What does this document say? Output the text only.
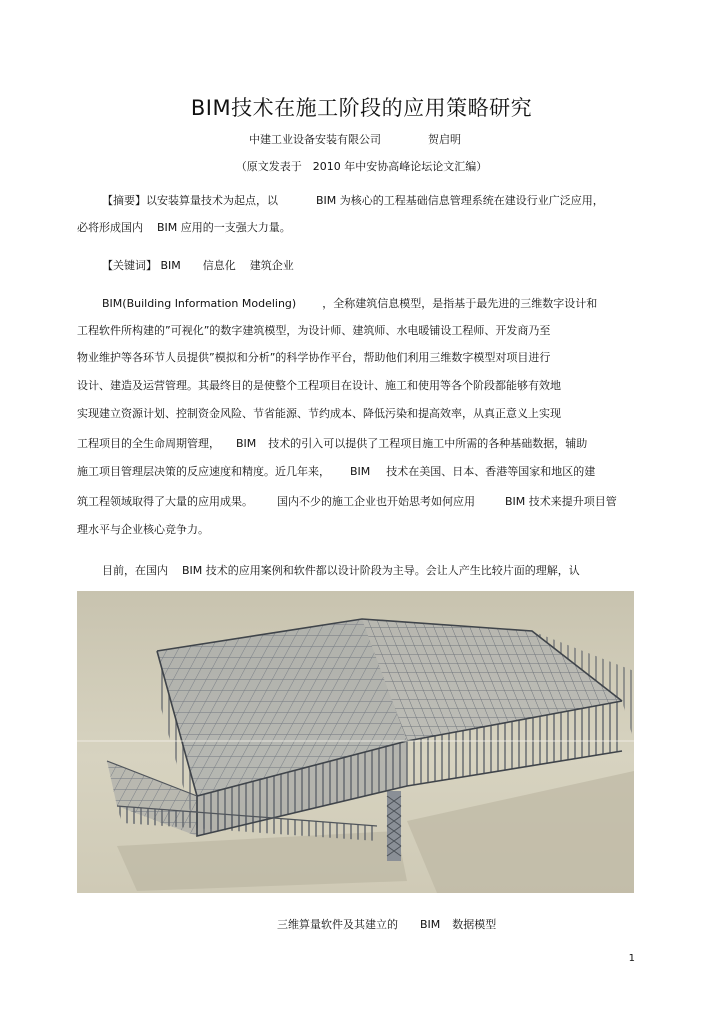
BIM技术在施工阶段的应用策略研究
中建工业设备安装有限公司	贺启明
（原文发表于　2010 年中安协高峰论坛论文汇编）
【摘要】以安装算量技术为起点，以	BIM 为核心的工程基础信息管理系统在建设行业广泛应用，
必将形成国内 BIM 应用的一支强大力量。
【关键词】 BIM 信息化 建筑企业
BIM(Building Information Modeling) ，全称建筑信息模型，是指基于最先进的三维数字设计和
工程软件所构建的”可视化”的数字建筑模型，为设计师、建筑师、水电暖铺设工程师、开发商乃至
物业维护等各环节人员提供”模拟和分析”的科学协作平台，帮助他们利用三维数字模型对项目进行
设计、建造及运营管理。其最终目的是使整个工程项目在设计、施工和使用等各个阶段都能够有效地
实现建立资源计划、控制资金风险、节省能源、节约成本、降低污染和提高效率，从真正意义上实现
工程项目的全生命周期管理， BIM 技术的引入可以提供了工程项目施工中所需的各种基础数据，辅助
施工项目管理层决策的反应速度和精度。近几年来， BIM 技术在美国、日本、香港等国家和地区的建
筑工程领域取得了大量的应用成果。 国内不少的施工企业也开始思考如何应用	BIM 技术来提升项目管
理水平与企业核心竞争力。
目前，在国内 BIM 技术的应用案例和软件都以设计阶段为主导。会让人产生比较片面的理解，认
三维算量软件及其建立的 BIM 数据模型
1
